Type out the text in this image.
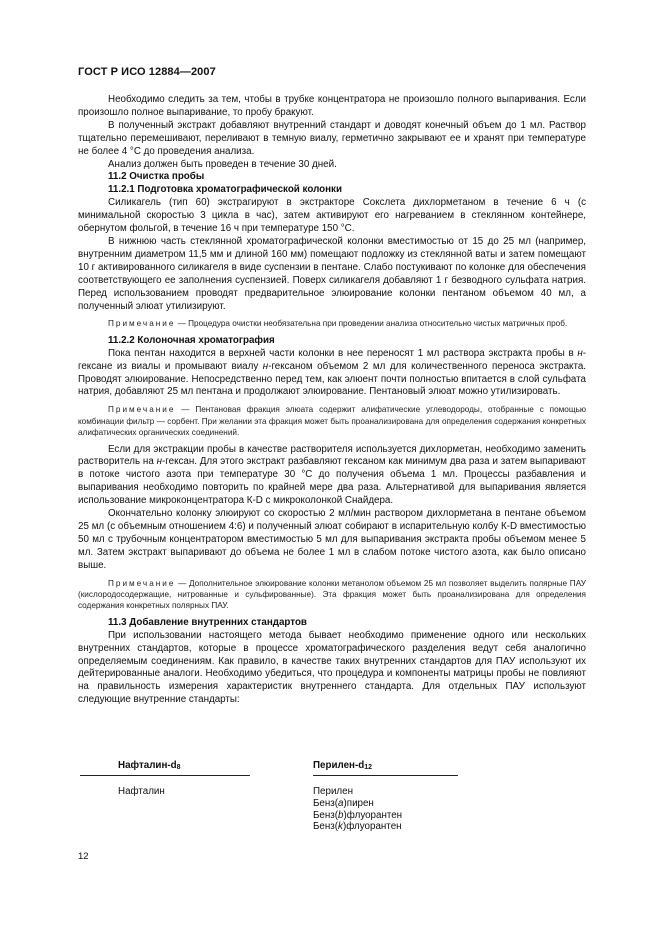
ГОСТ Р ИСО 12884—2007

Необходимо следить за тем, чтобы в трубке концентратора не произошло полного выпаривания. Если произошло полное выпаривание, то пробу бракуют.

В полученный экстракт добавляют внутренний стандарт и доводят конечный объем до 1 мл. Раствор тщательно перемешивают, переливают в темную виалу, герметично закрывают ее и хранят при температуре не более 4 °С до проведения анализа.

Анализ должен быть проведен в течение 30 дней.

11.2 Очистка пробы

11.2.1 Подготовка хроматографической колонки

Силикагель (тип 60) экстрагируют в экстракторе Сокслета дихлорметаном в течение 6 ч (с минимальной скоростью 3 цикла в час), затем активируют его нагреванием в стеклянном контейнере, обернутом фольгой, в течение 16 ч при температуре 150 °С.

В нижнюю часть стеклянной хроматографической колонки вместимостью от 15 до 25 мл (например, внутренним диаметром 11,5 мм и длиной 160 мм) помещают подложку из стеклянной ваты и затем помещают 10 г активированного силикагеля в виде суспензии в пентане. Слабо постукивают по колонке для обеспечения соответствующего ее заполнения суспензией. Поверх силикагеля добавляют 1 г безводного сульфата натрия. Перед использованием проводят предварительное элюирование колонки пентаном объемом 40 мл, а полученный элюат утилизируют.

Примечание — Процедура очистки необязательна при проведении анализа относительно чистых матричных проб.

11.2.2 Колоночная хроматография

Пока пентан находится в верхней части колонки в нее переносят 1 мл раствора экстракта пробы в н-гексане из виалы и промывают виалу н-гексаном объемом 2 мл для количественного переноса экстракта. Проводят элюирование. Непосредственно перед тем, как элюент почти полностью впитается в слой сульфата натрия, добавляют 25 мл пентана и продолжают элюирование. Пентановый элюат можно утилизировать.

Примечание — Пентановая фракция элюата содержит алифатические углеводороды, отобранные с помощью комбинации фильтр — сорбент. При желании эта фракция может быть проанализирована для определения содержания конкретных алифатических органических соединений.

Если для экстракции пробы в качестве растворителя используется дихлорметан, необходимо заменить растворитель на н-гексан. Для этого экстракт разбавляют гексаном как минимум два раза и затем выпаривают в потоке чистого азота при температуре 30 °С до получения объема 1 мл. Процессы разбавления и выпаривания необходимо повторить по крайней мере два раза. Альтернативой для выпаривания является использование микроконцентратора К-D с микроколонкой Снайдера.

Окончательно колонку элюируют со скоростью 2 мл/мин раствором дихлорметана в пентане объемом 25 мл (с объемным отношением 4:6) и полученный элюат собирают в испарительную колбу К-D вместимостью 50 мл с трубочным концентратором вместимостью 5 мл для выпаривания экстракта пробы объемом менее 5 мл. Затем экстракт выпаривают до объема не более 1 мл в слабом потоке чистого азота, как было описано выше.

Примечание — Дополнительное элюирование колонки метанолом объемом 25 мл позволяет выделить полярные ПАУ (кислородосодержащие, нитрованные и сульфированные). Эта фракция может быть проанализирована для определения содержания конкретных полярных ПАУ.

11.3 Добавление внутренних стандартов

При использовании настоящего метода бывает необходимо применение одного или нескольких внутренних стандартов, которые в процессе хроматографического разделения ведут себя аналогично определяемым соединениям. Как правило, в качестве таких внутренних стандартов для ПАУ используют их дейтерированные аналоги. Необходимо убедиться, что процедура и компоненты матрицы пробы не повлияют на правильность измерения характеристик внутреннего стандарта. Для отдельных ПАУ используют следующие внутренние стандарты:

Нафталин-$d_8$
Нафталин
Перилен-$d_{12}$
Перилен
Бенз(a)пирен
Бенз(b)флуорантен
Бенз(k)флуорантен
12
